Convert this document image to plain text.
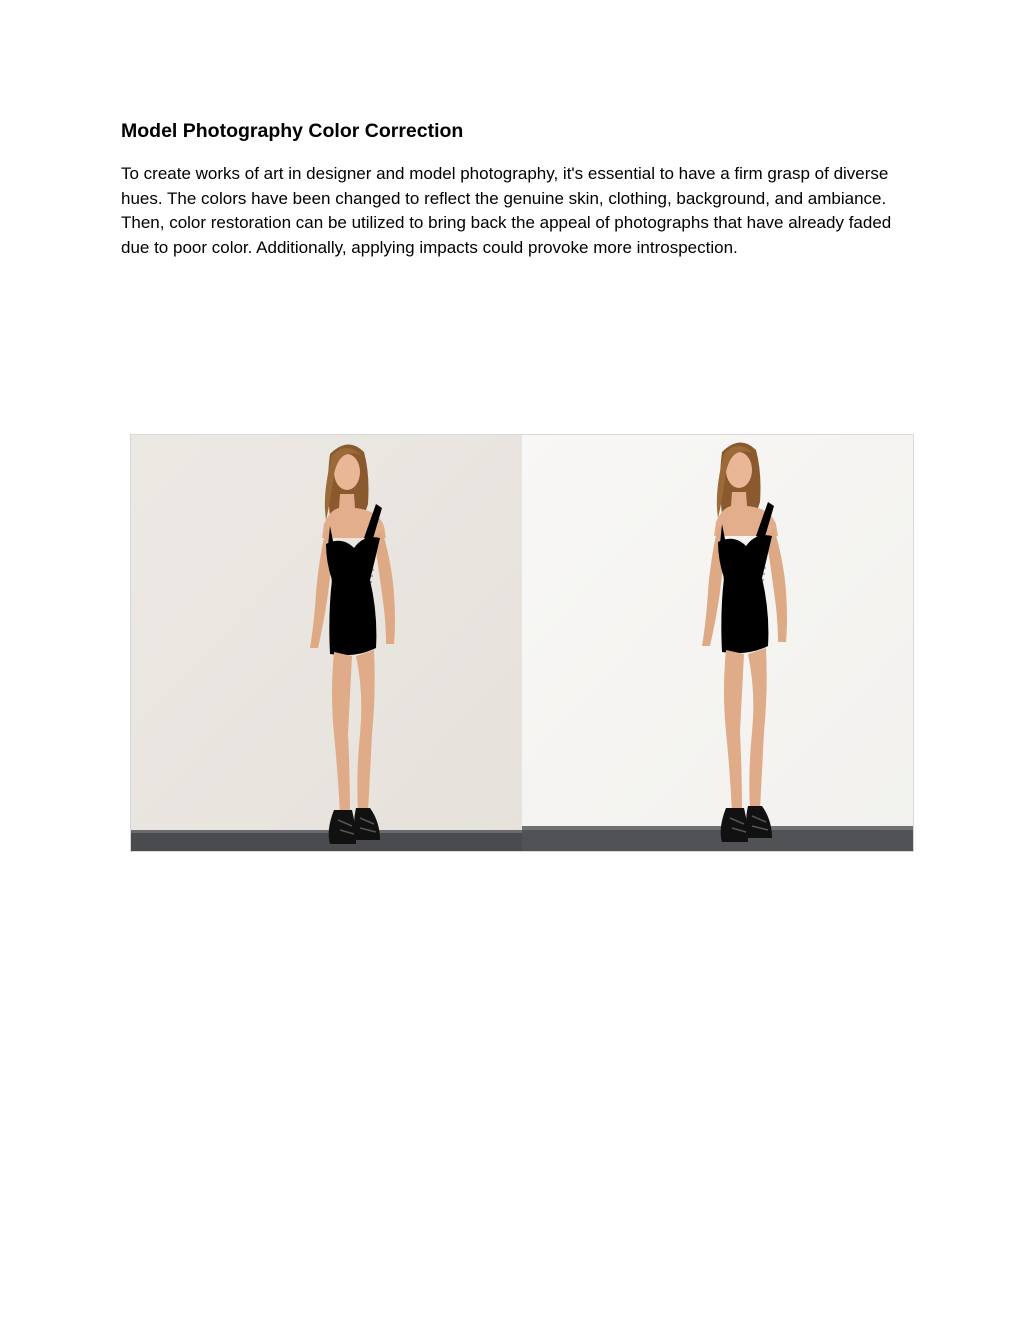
Model Photography Color Correction

To create works of art in designer and model photography, it's essential to have a firm grasp of diverse hues. The colors have been changed to reflect the genuine skin, clothing, background, and ambiance. Then, color restoration can be utilized to bring back the appeal of photographs that have already faded due to poor color. Additionally, applying impacts could provoke more introspection.
